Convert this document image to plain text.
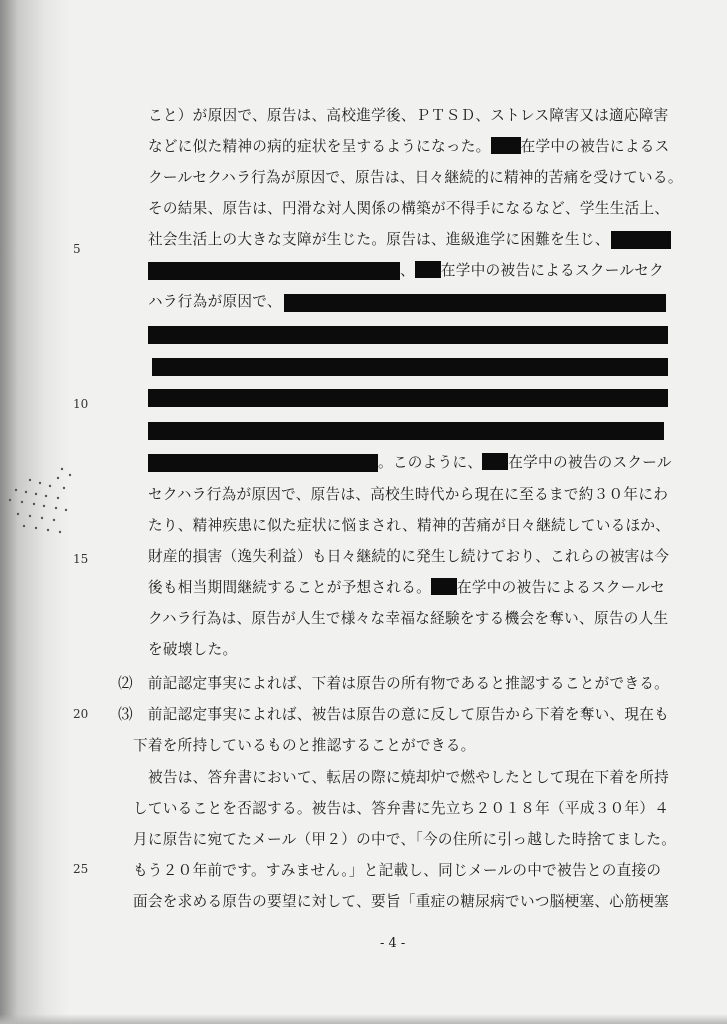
5
10
15
20
25
こと）が原因で、原告は、高校進学後、ＰＴＳＤ、ストレス障害又は適応障害
などに似た精神の病的症状を呈するようになった。 在学中の被告によるス
クールセクハラ行為が原因で、原告は、日々継続的に精神的苦痛を受けている。
その結果、原告は、円滑な対人関係の構築が不得手になるなど、学生生活上、
社会生活上の大きな支障が生じた。原告は、進級進学に困難を生じ、
、 在学中の被告によるスクールセク
ハラ行為が原因で、
。このように、 在学中の被告のスクール
セクハラ行為が原因で、原告は、高校生時代から現在に至るまで約３０年にわ
たり、精神疾患に似た症状に悩まされ、精神的苦痛が日々継続しているほか、
財産的損害（逸失利益）も日々継続的に発生し続けており、これらの被害は今
後も相当期間継続することが予想される。 在学中の被告によるスクールセ
クハラ行為は、原告が人生で様々な幸福な経験をする機会を奪い、原告の人生
を破壊した。
⑵　前記認定事実によれば、下着は原告の所有物であると推認することができる。
⑶　前記認定事実によれば、被告は原告の意に反して原告から下着を奪い、現在も
下着を所持しているものと推認することができる。
被告は、答弁書において、転居の際に焼却炉で燃やしたとして現在下着を所持
していることを否認する。被告は、答弁書に先立ち２０１８年（平成３０年）４
月に原告に宛てたメール（甲２）の中で、「今の住所に引っ越した時捨てました。
もう２０年前です。すみません。」と記載し、同じメールの中で被告との直接の
面会を求める原告の要望に対して、要旨「重症の糖尿病でいつ脳梗塞、心筋梗塞
- 4 -
